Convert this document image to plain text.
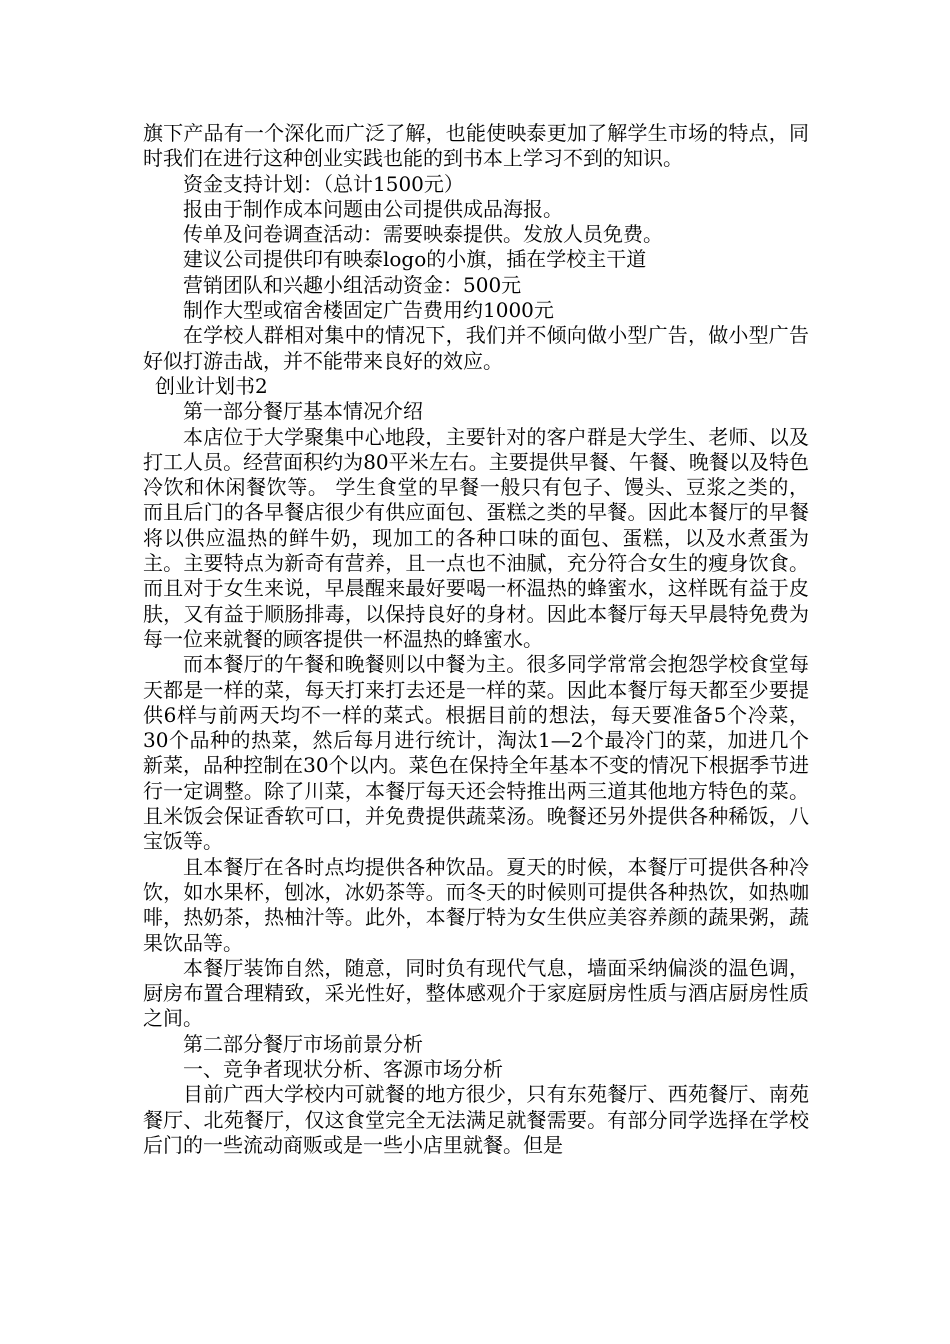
旗下产品有一个深化而广泛了解，也能使映泰更加了解学生市场的特点，同时我们在进行这种创业实践也能的到书本上学习不到的知识。

资金支持计划：（总计1500元）

报由于制作成本问题由公司提供成品海报。

传单及问卷调查活动：需要映泰提供。发放人员免费。

建议公司提供印有映泰logo的小旗，插在学校主干道

营销团队和兴趣小组活动资金：500元

制作大型或宿舍楼固定广告费用约1000元

在学校人群相对集中的情况下，我们并不倾向做小型广告，做小型广告好似打游击战，并不能带来良好的效应。

创业计划书2

第一部分餐厅基本情况介绍

本店位于大学聚集中心地段，主要针对的客户群是大学生、老师、以及打工人员。经营面积约为80平米左右。主要提供早餐、午餐、晚餐以及特色冷饮和休闲餐饮等。 学生食堂的早餐一般只有包子、馒头、豆浆之类的，而且后门的各早餐店很少有供应面包、蛋糕之类的早餐。因此本餐厅的早餐将以供应温热的鲜牛奶，现加工的各种口味的面包、蛋糕，以及水煮蛋为主。主要特点为新奇有营养，且一点也不油腻，充分符合女生的瘦身饮食。而且对于女生来说，早晨醒来最好要喝一杯温热的蜂蜜水，这样既有益于皮肤，又有益于顺肠排毒，以保持良好的身材。因此本餐厅每天早晨特免费为每一位来就餐的顾客提供一杯温热的蜂蜜水。

而本餐厅的午餐和晚餐则以中餐为主。很多同学常常会抱怨学校食堂每天都是一样的菜，每天打来打去还是一样的菜。因此本餐厅每天都至少要提供6样与前两天均不一样的菜式。根据目前的想法，每天要准备5个冷菜，30个品种的热菜，然后每月进行统计，淘汰1—2个最冷门的菜，加进几个新菜，品种控制在30个以内。菜色在保持全年基本不变的情况下根据季节进行一定调整。除了川菜，本餐厅每天还会特推出两三道其他地方特色的菜。且米饭会保证香软可口，并免费提供蔬菜汤。晚餐还另外提供各种稀饭，八宝饭等。

且本餐厅在各时点均提供各种饮品。夏天的时候，本餐厅可提供各种冷饮，如水果杯，刨冰，冰奶茶等。而冬天的时候则可提供各种热饮，如热咖啡，热奶茶，热柚汁等。此外，本餐厅特为女生供应美容养颜的蔬果粥，蔬果饮品等。

本餐厅装饰自然，随意，同时负有现代气息，墙面采纳偏淡的温色调，厨房布置合理精致，采光性好，整体感观介于家庭厨房性质与酒店厨房性质之间。

第二部分餐厅市场前景分析

一、竞争者现状分析、客源市场分析

目前广西大学校内可就餐的地方很少，只有东苑餐厅、西苑餐厅、南苑餐厅、北苑餐厅，仅这食堂完全无法满足就餐需要。有部分同学选择在学校后门的一些流动商贩或是一些小店里就餐。但是
